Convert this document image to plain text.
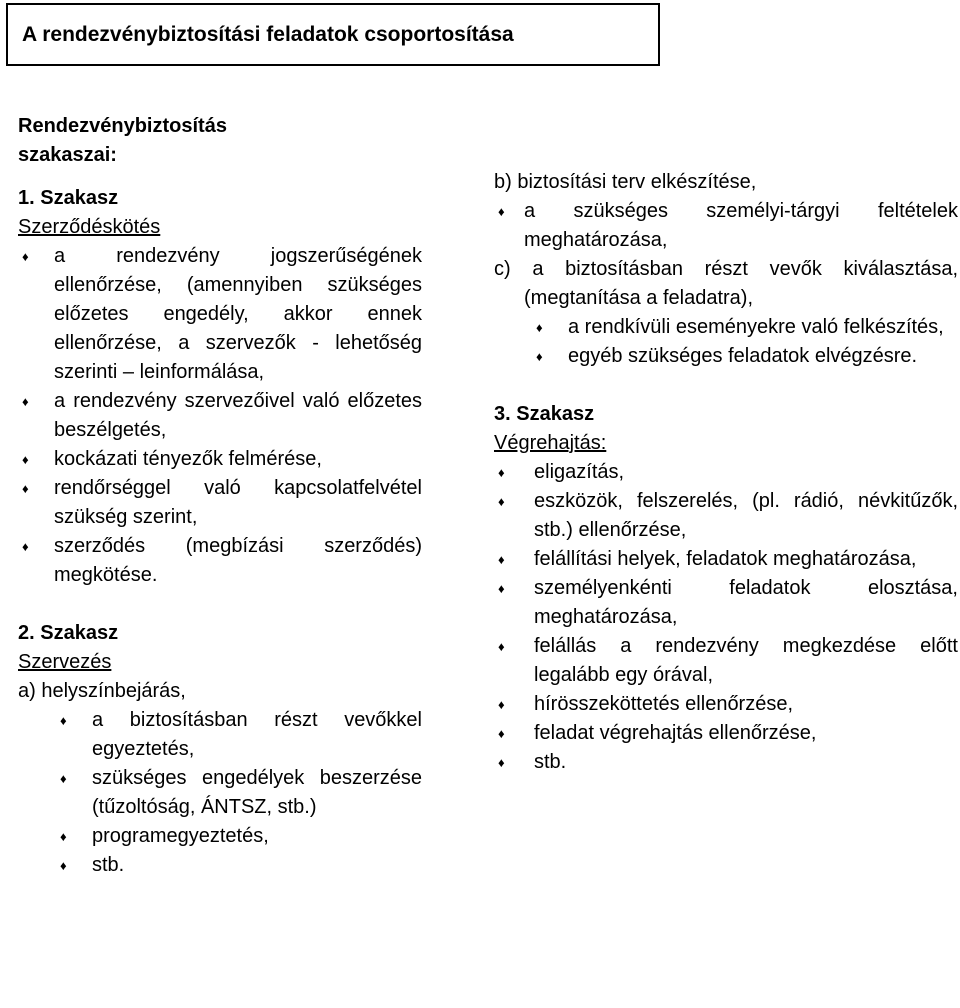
A rendezvénybiztosítási feladatok csoportosítása
Rendezvénybiztosítás
szakaszai:
1. Szakasz
Szerződéskötés
♦ a rendezvény jogszerűségének ellenőrzése, (amennyiben szükséges előzetes engedély, akkor ennek ellenőrzése, a szervezők - lehetőség szerinti – leinformálása,
♦ a rendezvény szervezőivel való előzetes beszélgetés,
♦ kockázati tényezők felmérése,
♦ rendőrséggel való kapcsolatfelvétel szükség szerint,
♦ szerződés (megbízási szerződés) megkötése.
2. Szakasz
Szervezés
a) helyszínbejárás,
♦ a biztosításban részt vevőkkel egyeztetés,
♦ szükséges engedélyek beszerzése (tűzoltóság, ÁNTSZ, stb.)
♦ programegyeztetés,
♦ stb.
b) biztosítási terv elkészítése,
♦ a szükséges személyi-tárgyi feltételek meghatározása,
c) a biztosításban részt vevők kiválasztása, (megtanítása a feladatra),
♦ a rendkívüli eseményekre való felkészítés,
♦ egyéb szükséges feladatok elvégzésre.
3. Szakasz
Végrehajtás:
♦ eligazítás,
♦ eszközök, felszerelés, (pl. rádió, névkitűzők, stb.) ellenőrzése,
♦ felállítási helyek, feladatok meghatározása,
♦ személyenkénti feladatok elosztása, meghatározása,
♦ felállás a rendezvény megkezdése előtt legalább egy órával,
♦ hírösszeköttetés ellenőrzése,
♦ feladat végrehajtás ellenőrzése,
♦ stb.
